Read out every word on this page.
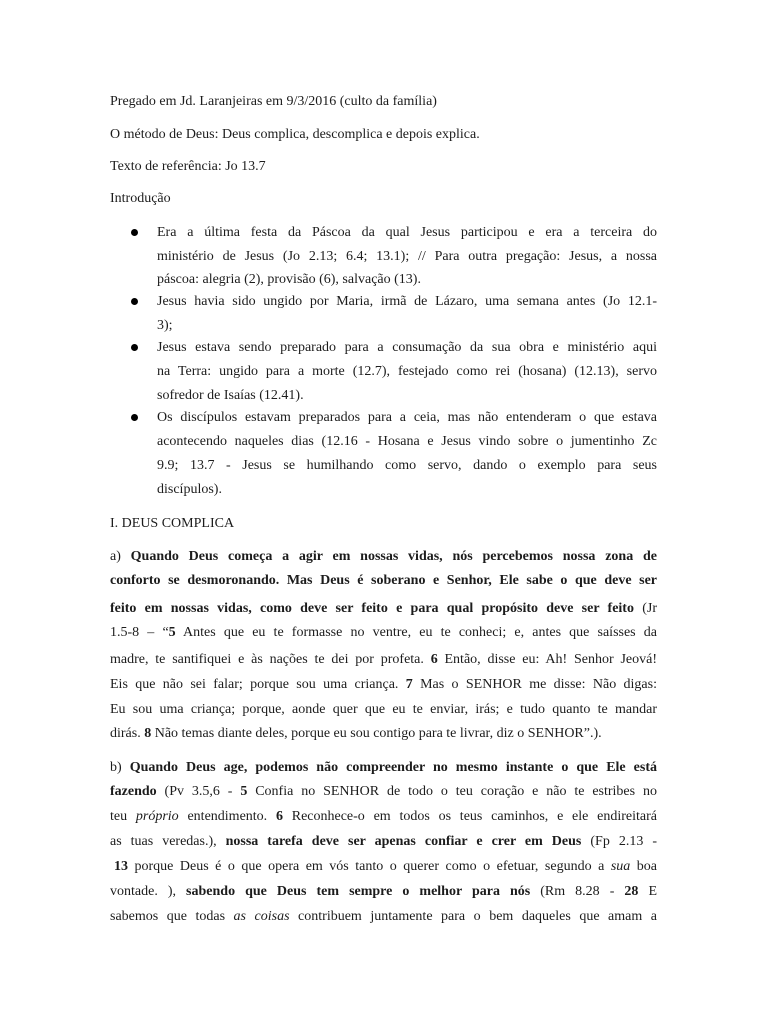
Pregado em Jd. Laranjeiras em 9/3/2016 (culto da família)

O método de Deus: Deus complica, descomplica e depois explica.

Texto de referência: Jo 13.7

Introdução

Era a última festa da Páscoa da qual Jesus participou e era a terceira do

ministério de Jesus (Jo 2.13; 6.4; 13.1); // Para outra pregação: Jesus, a nossa

páscoa: alegria (2), provisão (6), salvação (13).

Jesus havia sido ungido por Maria, irmã de Lázaro, uma semana antes (Jo 12.1-

3);

Jesus estava sendo preparado para a consumação da sua obra e ministério aqui

na Terra: ungido para a morte (12.7), festejado como rei (hosana) (12.13), servo

sofredor de Isaías (12.41).

Os discípulos estavam preparados para a ceia, mas não entenderam o que estava

acontecendo naqueles dias (12.16 - Hosana e Jesus vindo sobre o jumentinho Zc

9.9; 13.7 - Jesus se humilhando como servo, dando o exemplo para seus

discípulos).

I. DEUS COMPLICA

a) Quando Deus começa a agir em nossas vidas, nós percebemos nossa zona de

conforto se desmoronando. Mas Deus é soberano e Senhor, Ele sabe o que deve ser

feito em nossas vidas, como deve ser feito e para qual propósito deve ser feito (Jr

1.5-8 – “5 Antes que eu te formasse no ventre, eu te conheci; e, antes que saísses da

madre, te santifiquei e às nações te dei por profeta. 6 Então, disse eu: Ah! Senhor Jeová!

Eis que não sei falar; porque sou uma criança. 7 Mas o SENHOR me disse: Não digas:

Eu sou uma criança; porque, aonde quer que eu te enviar, irás; e tudo quanto te mandar

dirás. 8 Não temas diante deles, porque eu sou contigo para te livrar, diz o SENHOR”.).

b) Quando Deus age, podemos não compreender no mesmo instante o que Ele está

fazendo (Pv 3.5,6 - 5 Confia no SENHOR de todo o teu coração e não te estribes no

teu próprio entendimento. 6 Reconhece-o em todos os teus caminhos, e ele endireitará

as tuas veredas.), nossa tarefa deve ser apenas confiar e crer em Deus (Fp 2.13 -

13 porque Deus é o que opera em vós tanto o querer como o efetuar, segundo a sua boa

vontade. ), sabendo que Deus tem sempre o melhor para nós (Rm 8.28 - 28 E

sabemos que todas as coisas contribuem juntamente para o bem daqueles que amam a
